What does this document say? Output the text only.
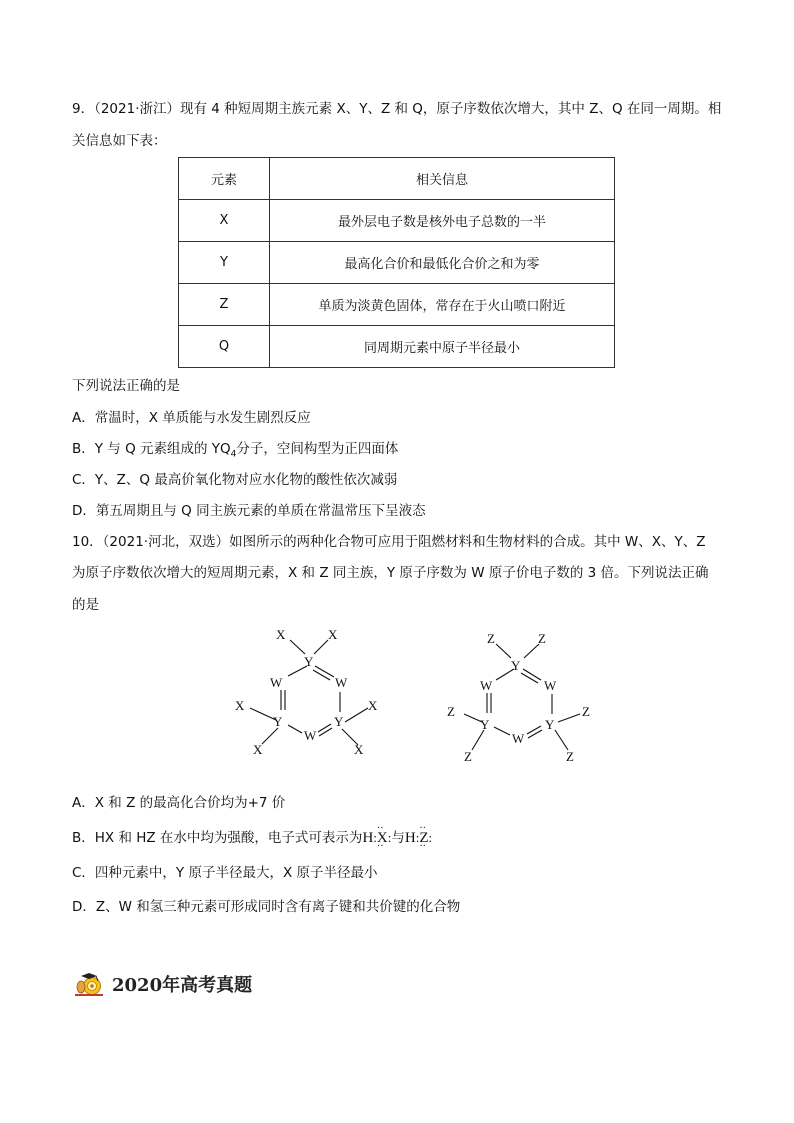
9．（2021·浙江）现有 4 种短周期主族元素 X、Y、Z 和 Q，原子序数依次增大，其中 Z、Q 在同一周期。相
关信息如下表：
元素	相关信息
X	最外层电子数是核外电子总数的一半
Y	最高化合价和最低化合价之和为零
Z	单质为淡黄色固体，常存在于火山喷口附近
Q	同周期元素中原子半径最小
下列说法正确的是
A．常温时，X 单质能与水发生剧烈反应
B．Y 与 Q 元素组成的 $YQ_4$分子，空间构型为正四面体
C．Y、Z、Q 最高价氧化物对应水化物的酸性依次减弱
D．第五周期且与 Q 同主族元素的单质在常温常压下呈液态
10．（2021·河北，双选）如图所示的两种化合物可应用于阻燃材料和生物材料的合成。其中 W、X、Y、Z
为原子序数依次增大的短周期元素，X 和 Z 同主族，Y 原子序数为 W 原子价电子数的 3 倍。下列说法正确
的是
Y
W
Y
W
Y
W
X	X
X
X
X
X
Y
W
Y
W
Y
W
Z	Z
Z
Z
Z
Z
A．X 和 Z 的最高化合价均为+7 价
B．HX 和 HZ 在水中均为强酸，电子式可表示为H:·· X ··:与H:·· Z ··:
C．四种元素中，Y 原子半径最大，X 原子半径最小
D．Z、W 和氢三种元素可形成同时含有离子键和共价键的化合物
2020年高考真题
